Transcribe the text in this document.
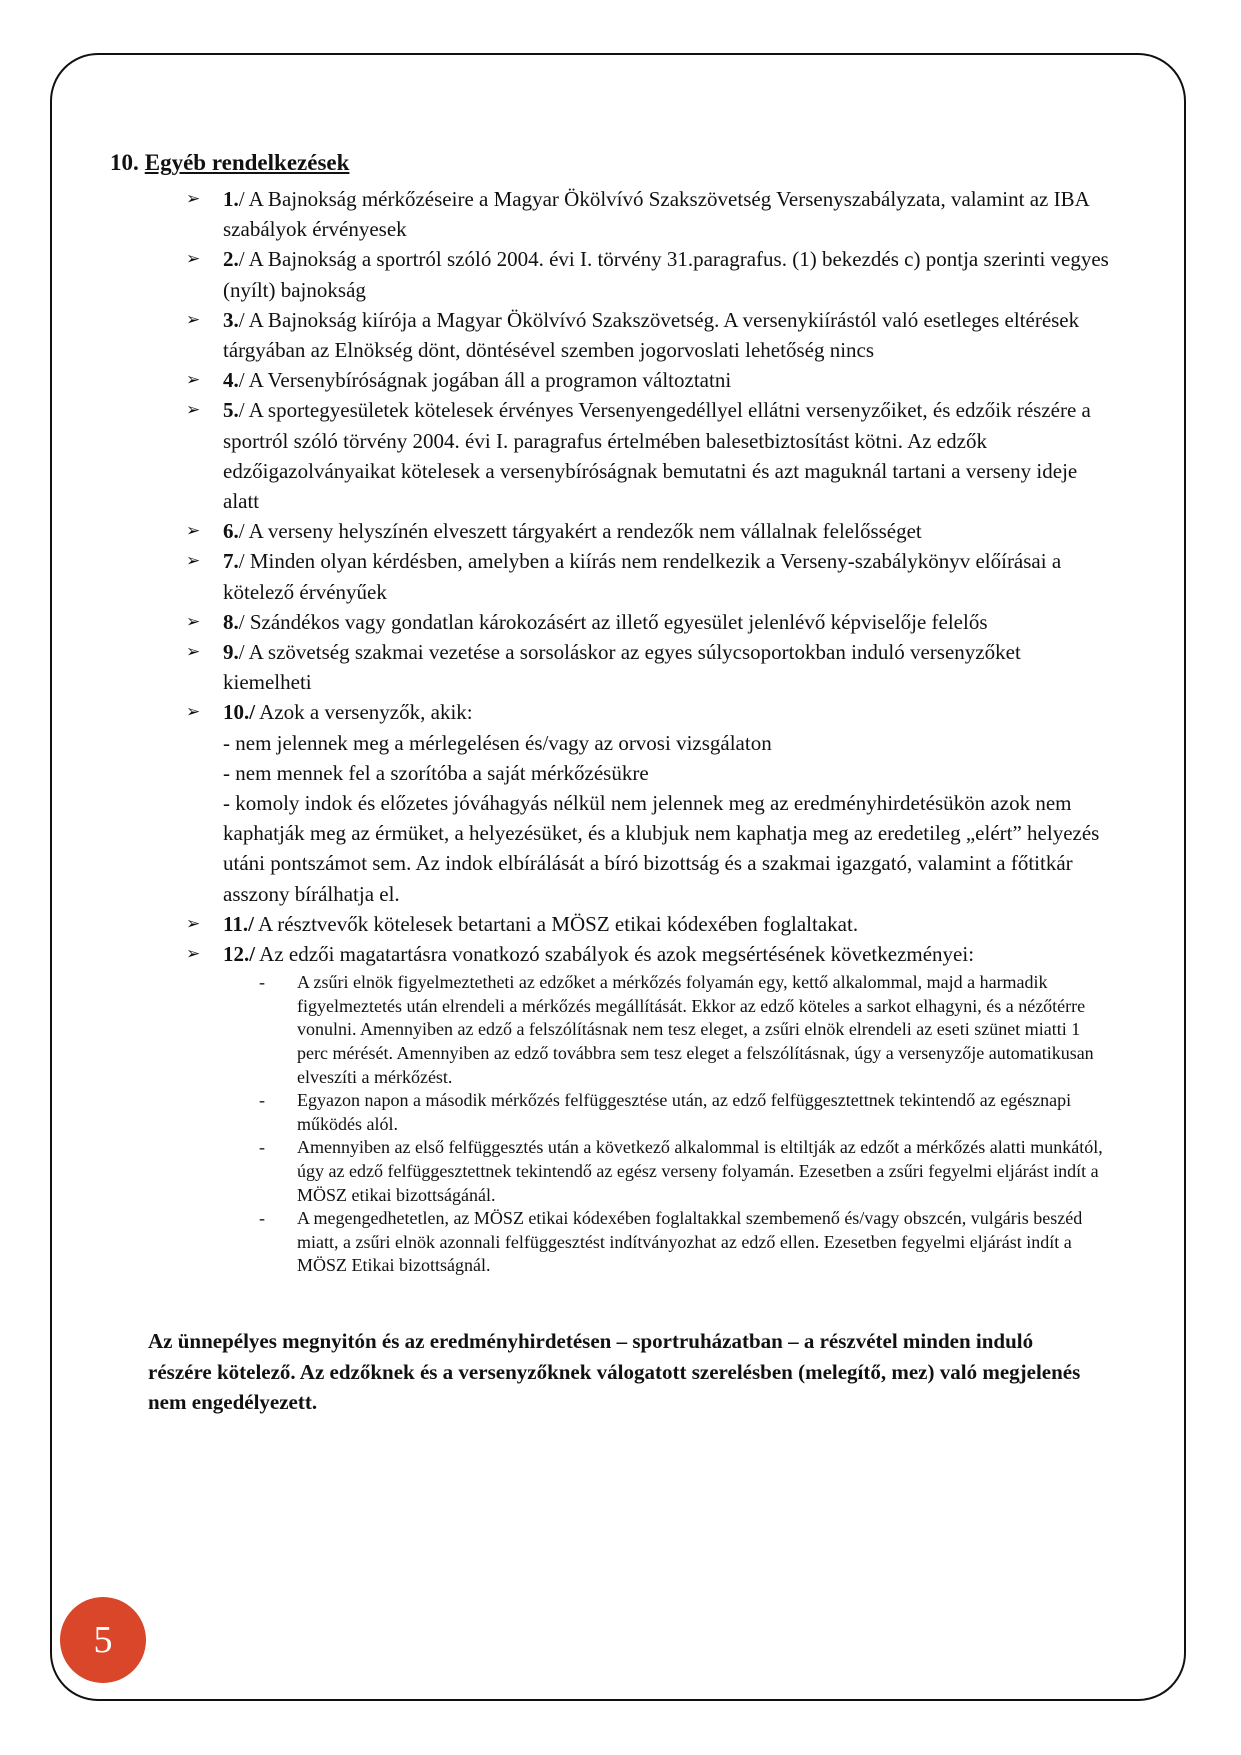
10. Egyéb rendelkezések
➢ 1./ A Bajnokság mérkőzéseire a Magyar Ökölvívó Szakszövetség Versenyszabályzata, valamint az IBA szabályok érvényesek
➢ 2./ A Bajnokság a sportról szóló 2004. évi I. törvény 31.paragrafus. (1) bekezdés c) pontja szerinti vegyes (nyílt) bajnokság
➢ 3./ A Bajnokság kiírója a Magyar Ökölvívó Szakszövetség. A versenykiírástól való esetleges eltérések tárgyában az Elnökség dönt, döntésével szemben jogorvoslati lehetőség nincs
➢ 4./ A Versenybíróságnak jogában áll a programon változtatni
➢ 5./ A sportegyesületek kötelesek érvényes Versenyengedéllyel ellátni versenyzőiket, és edzőik részére a sportról szóló törvény 2004. évi I. paragrafus értelmében balesetbiztosítást kötni. Az edzők edzőigazolványaikat kötelesek a versenybíróságnak bemutatni és azt maguknál tartani a verseny ideje alatt
➢ 6./ A verseny helyszínén elveszett tárgyakért a rendezők nem vállalnak felelősséget
➢ 7./ Minden olyan kérdésben, amelyben a kiírás nem rendelkezik a Verseny-szabálykönyv előírásai a kötelező érvényűek
➢ 8./ Szándékos vagy gondatlan károkozásért az illető egyesület jelenlévő képviselője felelős
➢ 9./ A szövetség szakmai vezetése a sorsoláskor az egyes súlycsoportokban induló versenyzőket kiemelheti
➢ 10./ Azok a versenyzők, akik:
- nem jelennek meg a mérlegelésen és/vagy az orvosi vizsgálaton
- nem mennek fel a szorítóba a saját mérkőzésükre
- komoly indok és előzetes jóváhagyás nélkül nem jelennek meg az eredményhirdetésükön azok nem kaphatják meg az érmüket, a helyezésüket, és a klubjuk nem kaphatja meg az eredetileg „elért” helyezés utáni pontszámot sem. Az indok elbírálását a bíró bizottság és a szakmai igazgató, valamint a főtitkár asszony bírálhatja el.
➢ 11./ A résztvevők kötelesek betartani a MÖSZ etikai kódexében foglaltakat.
➢ 12./ Az edzői magatartásra vonatkozó szabályok és azok megsértésének következményei:
- A zsűri elnök figyelmeztetheti az edzőket a mérkőzés folyamán egy, kettő alkalommal, majd a harmadik figyelmeztetés után elrendeli a mérkőzés megállítását. Ekkor az edző köteles a sarkot elhagyni, és a nézőtérre vonulni. Amennyiben az edző a felszólításnak nem tesz eleget, a zsűri elnök elrendeli az eseti szünet miatti 1 perc mérését. Amennyiben az edző továbbra sem tesz eleget a felszólításnak, úgy a versenyzője automatikusan elveszíti a mérkőzést.
- Egyazon napon a második mérkőzés felfüggesztése után, az edző felfüggesztettnek tekintendő az egésznapi működés alól.
- Amennyiben az első felfüggesztés után a következő alkalommal is eltiltják az edzőt a mérkőzés alatti munkától, úgy az edző felfüggesztettnek tekintendő az egész verseny folyamán. Ezesetben a zsűri fegyelmi eljárást indít a MÖSZ etikai bizottságánál.
- A megengedhetetlen, az MÖSZ etikai kódexében foglaltakkal szembemenő és/vagy obszcén, vulgáris beszéd miatt, a zsűri elnök azonnali felfüggesztést indítványozhat az edző ellen. Ezesetben fegyelmi eljárást indít a MÖSZ Etikai bizottságnál.
Az ünnepélyes megnyitón és az eredményhirdetésen – sportruházatban – a részvétel minden induló részére kötelező. Az edzőknek és a versenyzőknek válogatott szerelésben (melegítő, mez) való megjelenés nem engedélyezett.
5
